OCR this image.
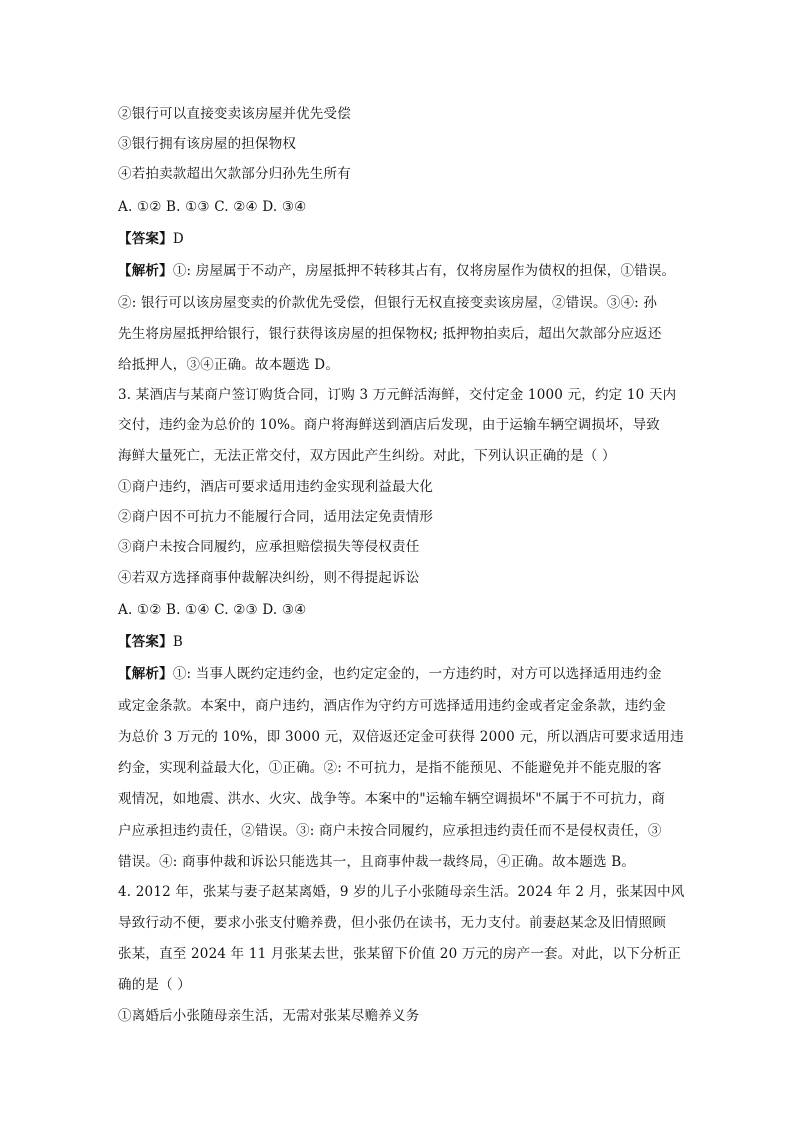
②银行可以直接变卖该房屋并优先受偿
③银行拥有该房屋的担保物权
④若拍卖款超出欠款部分归孙先生所有
A. ①② B. ①③ C. ②④ D. ③④
【答案】D
【解析】①: 房屋属于不动产，房屋抵押不转移其占有，仅将房屋作为债权的担保，①错误。
②: 银行可以该房屋变卖的价款优先受偿，但银行无权直接变卖该房屋，②错误。③④: 孙
先生将房屋抵押给银行，银行获得该房屋的担保物权; 抵押物拍卖后，超出欠款部分应返还
给抵押人，③④正确。故本题选 D。
3. 某酒店与某商户签订购货合同，订购 3 万元鲜活海鲜，交付定金 1000 元，约定 10 天内
交付，违约金为总价的 10%。商户将海鲜送到酒店后发现，由于运输车辆空调损坏，导致
海鲜大量死亡，无法正常交付，双方因此产生纠纷。对此，下列认识正确的是（ ）
①商户违约，酒店可要求适用违约金实现利益最大化
②商户因不可抗力不能履行合同，适用法定免责情形
③商户未按合同履约，应承担赔偿损失等侵权责任
④若双方选择商事仲裁解决纠纷，则不得提起诉讼
A. ①② B. ①④ C. ②③ D. ③④
【答案】B
【解析】①: 当事人既约定违约金，也约定定金的，一方违约时，对方可以选择适用违约金
或定金条款。本案中，商户违约，酒店作为守约方可选择适用违约金或者定金条款，违约金
为总价 3 万元的 10%，即 3000 元，双倍返还定金可获得 2000 元，所以酒店可要求适用违
约金，实现利益最大化，①正确。②: 不可抗力，是指不能预见、不能避免并不能克服的客
观情况，如地震、洪水、火灾、战争等。本案中的"运输车辆空调损坏"不属于不可抗力，商
户应承担违约责任，②错误。③: 商户未按合同履约，应承担违约责任而不是侵权责任，③
错误。④: 商事仲裁和诉讼只能选其一，且商事仲裁一裁终局，④正确。故本题选 B。
4. 2012 年，张某与妻子赵某离婚，9 岁的儿子小张随母亲生活。2024 年 2 月，张某因中风
导致行动不便，要求小张支付赡养费，但小张仍在读书，无力支付。前妻赵某念及旧情照顾
张某，直至 2024 年 11 月张某去世，张某留下价值 20 万元的房产一套。对此，以下分析正
确的是（ ）
①离婚后小张随母亲生活，无需对张某尽赡养义务
